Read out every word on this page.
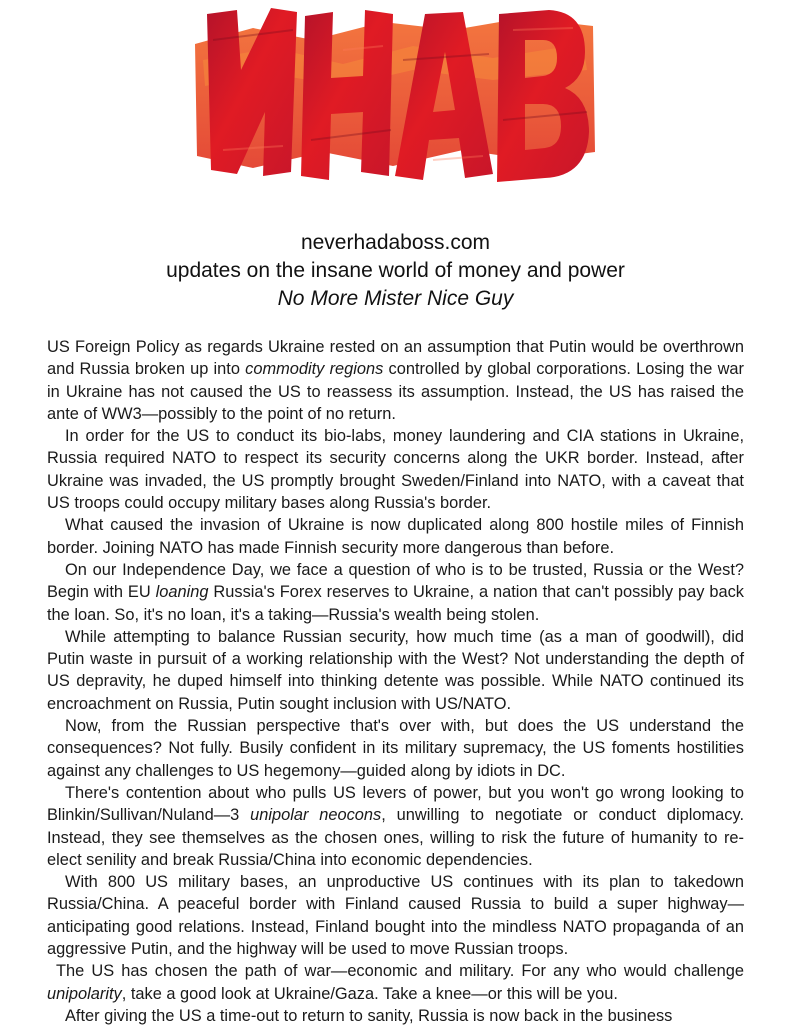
neverhadaboss.com
updates on the insane world of money and power
No More Mister Nice Guy

US Foreign Policy as regards Ukraine rested on an assumption that Putin would be overthrown and Russia broken up into commodity regions controlled by global corporations. Losing the war in Ukraine has not caused the US to reassess its assumption. Instead, the US has raised the ante of WW3—possibly to the point of no return.

In order for the US to conduct its bio-labs, money laundering and CIA stations in Ukraine, Russia required NATO to respect its security concerns along the UKR border. Instead, after Ukraine was invaded, the US promptly brought Sweden/Finland into NATO, with a caveat that US troops could occupy military bases along Russia's border.

What caused the invasion of Ukraine is now duplicated along 800 hostile miles of Finnish border. Joining NATO has made Finnish security more dangerous than before.

On our Independence Day, we face a question of who is to be trusted, Russia or the West? Begin with EU loaning Russia's Forex reserves to Ukraine, a nation that can't possibly pay back the loan. So, it's no loan, it's a taking—Russia's wealth being stolen.

While attempting to balance Russian security, how much time (as a man of goodwill), did Putin waste in pursuit of a working relationship with the West? Not understanding the depth of US depravity, he duped himself into thinking detente was possible. While NATO continued its encroachment on Russia, Putin sought inclusion with US/NATO.

Now, from the Russian perspective that's over with, but does the US understand the consequences? Not fully. Busily confident in its military supremacy, the US foments hostilities against any challenges to US hegemony—guided along by idiots in DC.

There's contention about who pulls US levers of power, but you won't go wrong looking to Blinkin/Sullivan/Nuland—3 unipolar neocons, unwilling to negotiate or conduct diplomacy. Instead, they see themselves as the chosen ones, willing to risk the future of humanity to re-elect senility and break Russia/China into economic dependencies.

With 800 US military bases, an unproductive US continues with its plan to takedown Russia/China. A peaceful border with Finland caused Russia to build a super highway—anticipating good relations. Instead, Finland bought into the mindless NATO propaganda of an aggressive Putin, and the highway will be used to move Russian troops.

The US has chosen the path of war—economic and military. For any who would challenge unipolarity, take a good look at Ukraine/Gaza. Take a knee—or this will be you.

After giving the US a time-out to return to sanity, Russia is now back in the business
